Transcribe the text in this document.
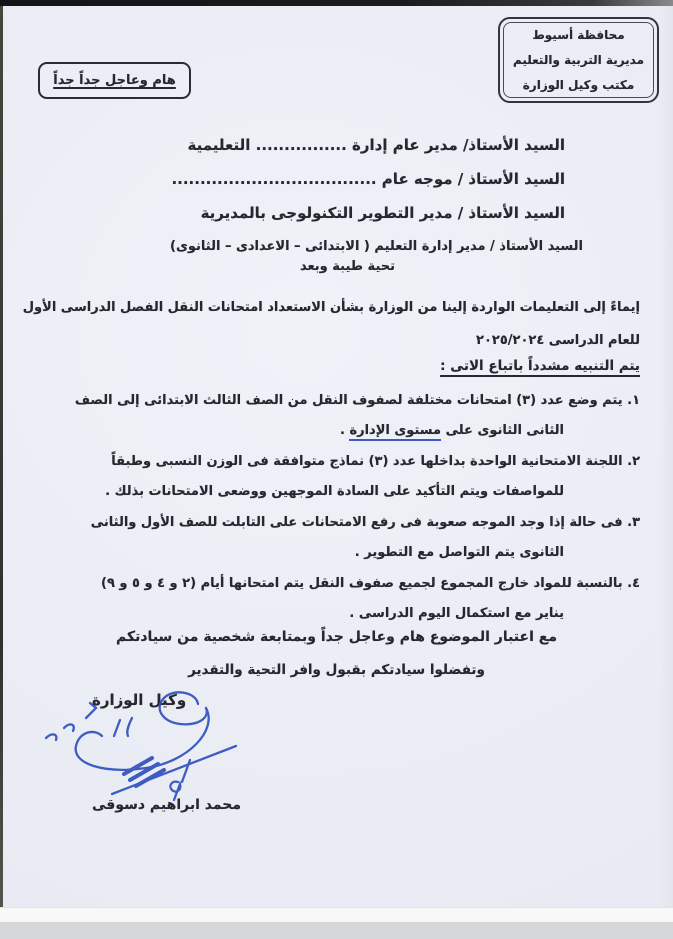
محافظة أسيوط
مديرية التربية والتعليم
مكتب وكيل الوزارة
هام وعاجل جداً جداً
السيد الأستاذ/ مدير عام إدارة ................ التعليمية
السيد الأستاذ / موجه عام ....................................
السيد الأستاذ / مدير التطوير التكنولوجى بالمديرية
السيد الأستاذ / مدير إدارة التعليم ( الابتدائى – الاعدادى – الثانوى)
تحية طيبة وبعد
إيماءً إلى التعليمات الواردة إلينا من الوزارة بشأن الاستعداد امتحانات النقل الفصل الدراسى الأول
للعام الدراسى ٢٠٢٥/٢٠٢٤
يتم التنبيه مشدداً باتباع الاتى :
١. يتم وضع عدد (٣) امتحانات مختلفة لصفوف النقل من الصف الثالث الابتدائى إلى الصف
الثانى الثانوى على مستوى الإدارة .
٢. اللجنة الامتحانية الواحدة بداخلها عدد (٣) نماذج متوافقة فى الوزن النسبى وطبقاً
للمواصفات ويتم التأكيد على السادة الموجهين ووضعى الامتحانات بذلك .
٣. فى حالة إذا وجد الموجه صعوبة فى رفع الامتحانات على التابلت للصف الأول والثانى
الثانوى يتم التواصل مع التطوير .
٤. بالنسبة للمواد خارج المجموع لجميع صفوف النقل يتم امتحانها أيام (٢ و ٤ و ٥ و ٩)
يناير مع استكمال اليوم الدراسى .
مع اعتبار الموضوع هام وعاجل جداً وبمتابعة شخصية من سيادتكم
وتفضلوا سيادتكم بقبول وافر التحية والتقدير
وكيل الوزارة
محمد ابراهيم دسوقى
